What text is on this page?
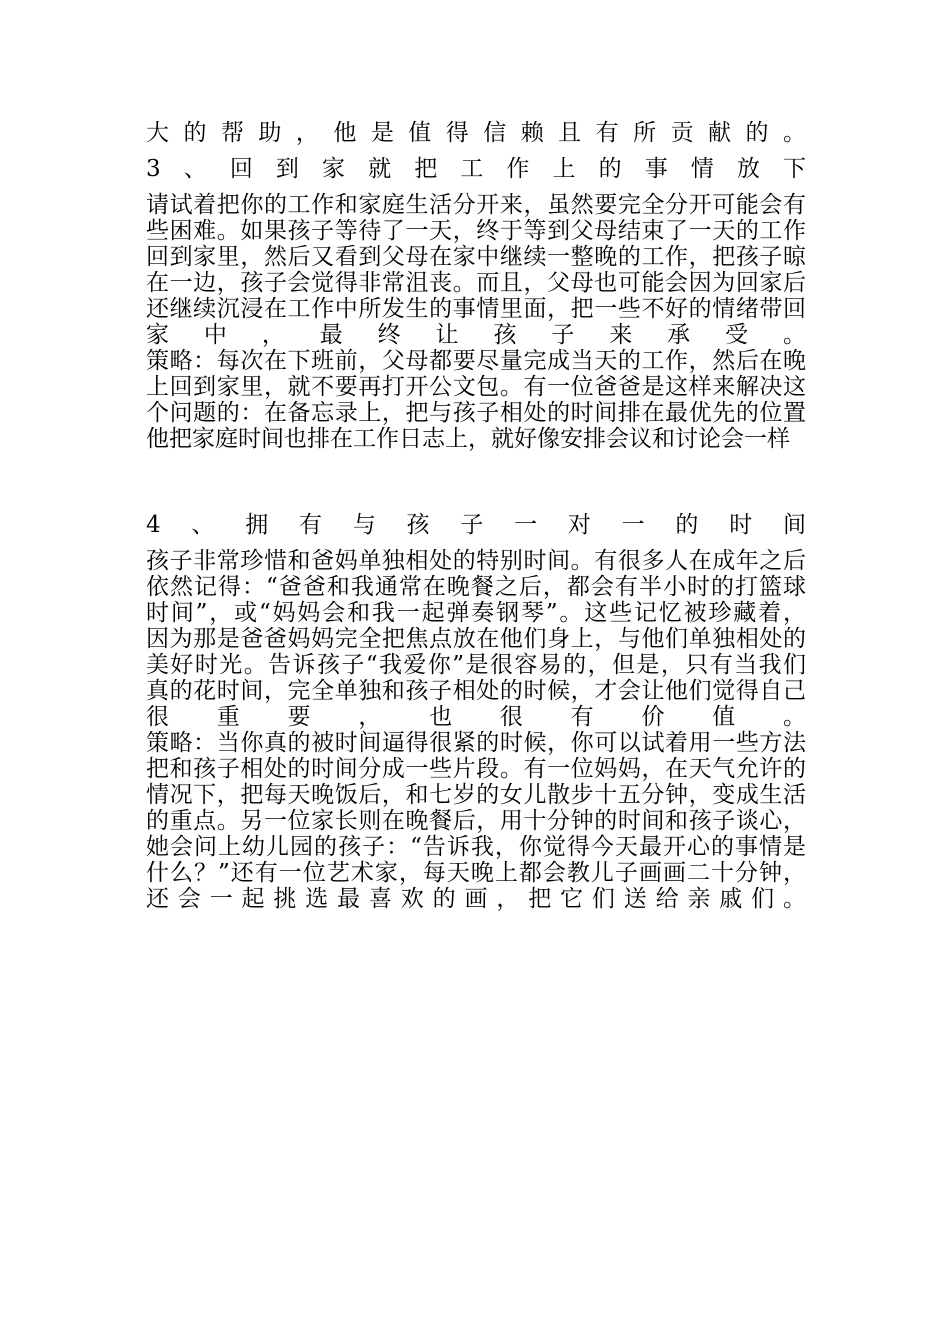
大​的​帮​助​，​他​是​值​得​信​赖​且​有​所​贡​献​的​。
3​、​回​到​家​就​把​工​作​上​的​事​情​放​下
请​试​着​把​你​的​工​作​和​家​庭​生​活​分​开​来​，​虽​然​要​完​全​分​开​可​能​会​有
些​困​难​。​如​果​孩​子​等​待​了​一​天​，​终​于​等​到​父​母​结​束​了​一​天​的​工​作
回​到​家​里​，​然​后​又​看​到​父​母​在​家​中​继​续​一​整​晚​的​工​作​，​把​孩​子​晾
在​一​边​，​孩​子​会​觉​得​非​常​沮​丧​。​而​且​，​父​母​也​可​能​会​因​为​回​家​后
还​继​续​沉​浸​在​工​作​中​所​发​生​的​事​情​里​面​，​把​一​些​不​好​的​情​绪​带​回
家​中​，​最​终​让​孩​子​来​承​受​。
策​略​：​每​次​在​下​班​前​，​父​母​都​要​尽​量​完​成​当​天​的​工​作​，​然​后​在​晚
上​回​到​家​里​，​就​不​要​再​打​开​公​文​包​。​有​一​位​爸​爸​是​这​样​来​解​决​这
个​问​题​的​：​在​备​忘​录​上​，​把​与​孩​子​相​处​的​时​间​排​在​最​优​先​的​位​置
他把家庭时间也排在工作日志上，就好像安排会议和讨论会一样
4​、​拥​有​与​孩​子​一​对​一​的​时​间
孩​子​非​常​珍​惜​和​爸​妈​单​独​相​处​的​特​别​时​间​。​有​很​多​人​在​成​年​之​后
依​然​记​得​：​“​爸​爸​和​我​通​常​在​晚​餐​之​后​，​都​会​有​半​小​时​的​打​篮​球
时​间​”​，​或​“​妈​妈​会​和​我​一​起​弹​奏​钢​琴​”​。​这​些​记​忆​被​珍​藏​着​，
因​为​那​是​爸​爸​妈​妈​完​全​把​焦​点​放​在​他​们​身​上​，​与​他​们​单​独​相​处​的
美​好​时​光​。​告​诉​孩​子​“​我​爱​你​”​是​很​容​易​的​，​但​是​，​只​有​当​我​们
真​的​花​时​间​，​完​全​单​独​和​孩​子​相​处​的​时​候​，​才​会​让​他​们​觉​得​自​己
很​重​要​，​也​很​有​价​值​。
策​略​：​当​你​真​的​被​时​间​逼​得​很​紧​的​时​候​，​你​可​以​试​着​用​一​些​方​法
把​和​孩​子​相​处​的​时​间​分​成​一​些​片​段​。​有​一​位​妈​妈​，​在​天​气​允​许​的
情​况​下​，​把​每​天​晚​饭​后​，​和​七​岁​的​女​儿​散​步​十​五​分​钟​，​变​成​生​活
的​重​点​。​另​一​位​家​长​则​在​晚​餐​后​，​用​十​分​钟​的​时​间​和​孩​子​谈​心​，
她​会​问​上​幼​儿​园​的​孩​子​：​“​告​诉​我​，​你​觉​得​今​天​最​开​心​的​事​情​是
什​么​？​”​还​有​一​位​艺​术​家​，​每​天​晚​上​都​会​教​儿​子​画​画​二​十​分​钟​，
还​会​一​起​挑​选​最​喜​欢​的​画​，​把​它​们​送​给​亲​戚​们​。
